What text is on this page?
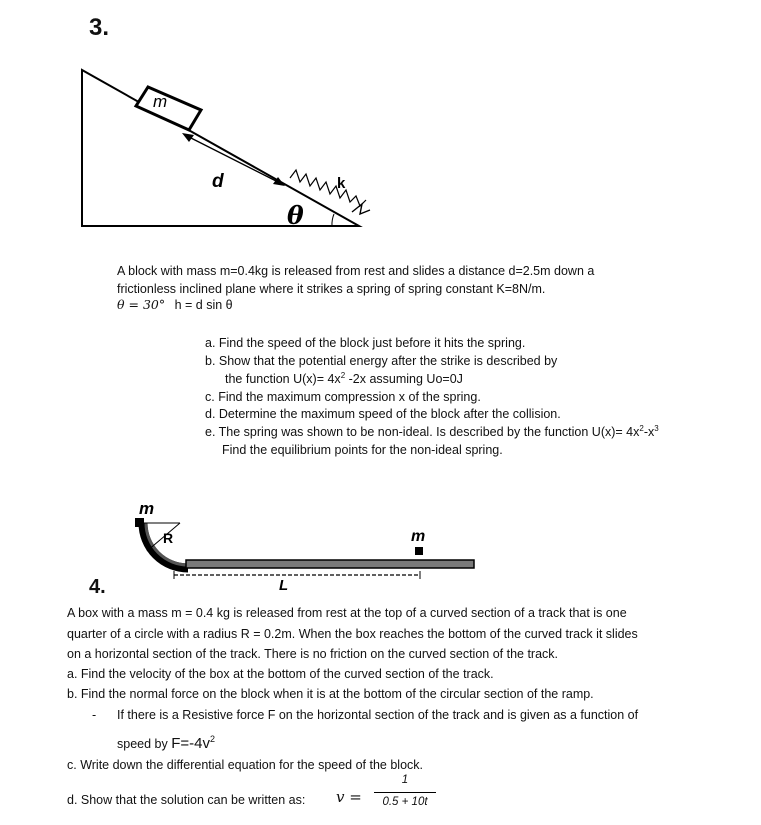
3.
m
d	k
θ
A block with mass m=0.4kg is released from rest and slides a distance d=2.5m down a
frictionless inclined plane where it strikes a spring of spring constant K=8N/m.
θ = 30° h = d sin θ
a. Find the speed of the block just before it hits the spring.
b. Show that the potential energy after the strike is described by
the function $U(x)= 4x^2$ -2x assuming Uo=0J
c. Find the maximum compression x of the spring.
d. Determine the maximum speed of the block after the collision.
e. The spring was shown to be non-ideal. Is described by the function $U(x)= 4x^2-x^3$
Find the equilibrium points for the non-ideal spring.
m
R	m
L
4.
A box with a mass m = 0.4 kg is released from rest at the top of a curved section of a track that is one
quarter of a circle with a radius R = 0.2m. When the box reaches the bottom of the curved track it slides
on a horizontal section of the track. There is no friction on the curved section of the track.
a. Find the velocity of the box at the bottom of the curved section of the track.
b. Find the normal force on the block when it is at the bottom of the circular section of the ramp.
- If there is a Resistive force F on the horizontal section of the track and is given as a function of
speed by $F=-4v^2$
c. Write down the differential equation for the speed of the block.
d. Show that the solution can be written as: v =
1
0.5 + 10t
